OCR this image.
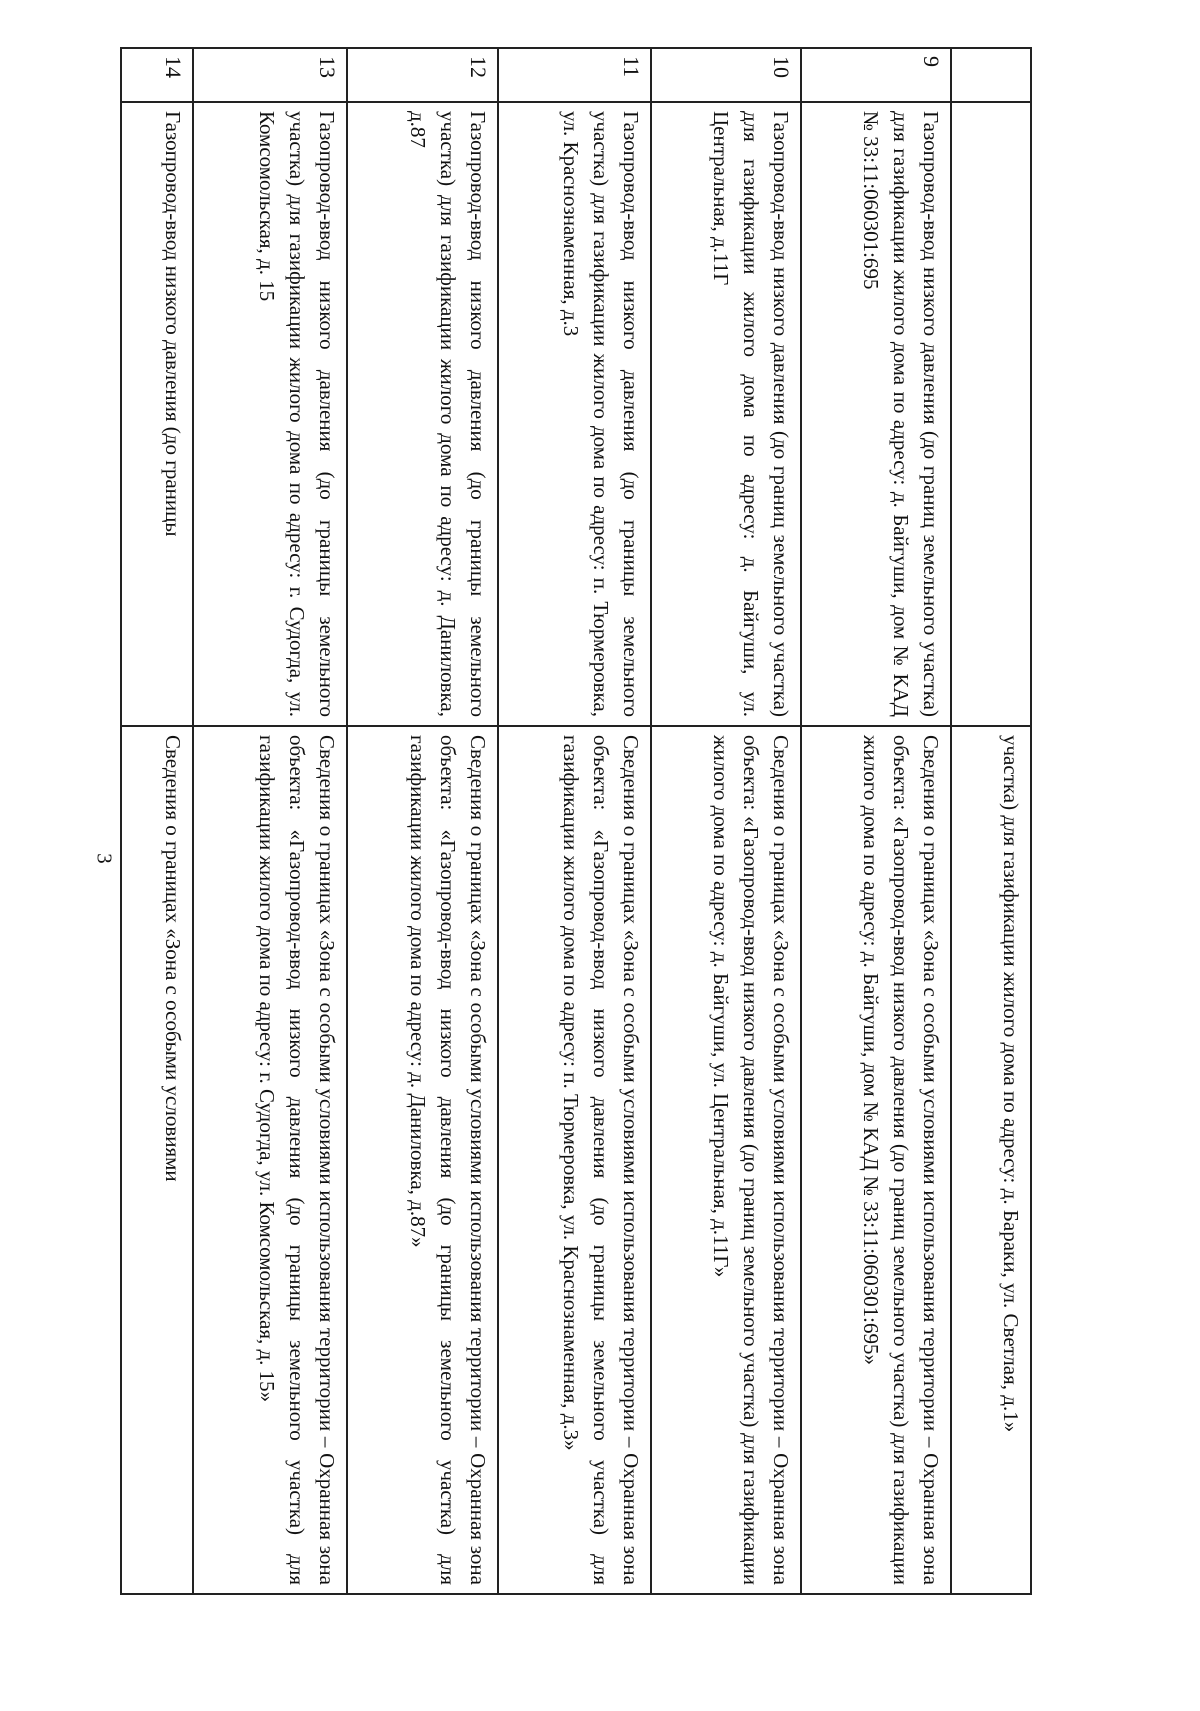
3	участка) для газификации жилого дома по адресу: д. Бараки, ул. Светлая, д.1»
9
Газопровод-ввод низкого давления (до границ земельного участка) для газификации жилого дома по адресу: д. Байгуши, дом № КАД № 33:11:060301:695
Сведения о границах «Зона с особыми условиями использования территории – Охранная зона объекта: «Газопровод-ввод низкого давления (до границ земельного участка) для газификации жилого дома по адресу: д. Байгуши, дом № КАД № 33:11:060301:695»
10
Газопровод-ввод низкого давления (до границ земельного участка) для газификации жилого дома по адресу: д. Байгуши, ул. Центральная, д.11Г
Сведения о границах «Зона с особыми условиями использования территории – Охранная зона объекта: «Газопровод-ввод низкого давления (до границ земельного участка) для газификации жилого дома по адресу: д. Байгуши, ул. Центральная, д.11Г»
11
Газопровод-ввод низкого давления (до границы земельного участка) для газификации жилого дома по адресу: п. Тюрмеровка, ул. Краснознаменная, д.3
Сведения о границах «Зона с особыми условиями использования территории – Охранная зона объекта: «Газопровод-ввод низкого давления (до границы земельного участка) для газификации жилого дома по адресу: п. Тюрмеровка, ул. Краснознаменная, д.3»
12
Газопровод-ввод низкого давления (до границы земельного участка) для газификации жилого дома по адресу: д. Даниловка, д.87
Сведения о границах «Зона с особыми условиями использования территории – Охранная зона объекта: «Газопровод-ввод низкого давления (до границы земельного участка) для газификации жилого дома по адресу: д. Даниловка, д.87»
13
Газопровод-ввод низкого давления (до границы земельного участка) для газификации жилого дома по адресу: г. Судогда, ул. Комсомольская, д. 15
Сведения о границах «Зона с особыми условиями использования территории – Охранная зона объекта: «Газопровод-ввод низкого давления (до границы земельного участка) для газификации жилого дома по адресу: г. Судогда, ул. Комсомольская, д. 15»
14
Газопровод-ввод низкого давления (до границы
Сведения о границах «Зона с особыми условиями
